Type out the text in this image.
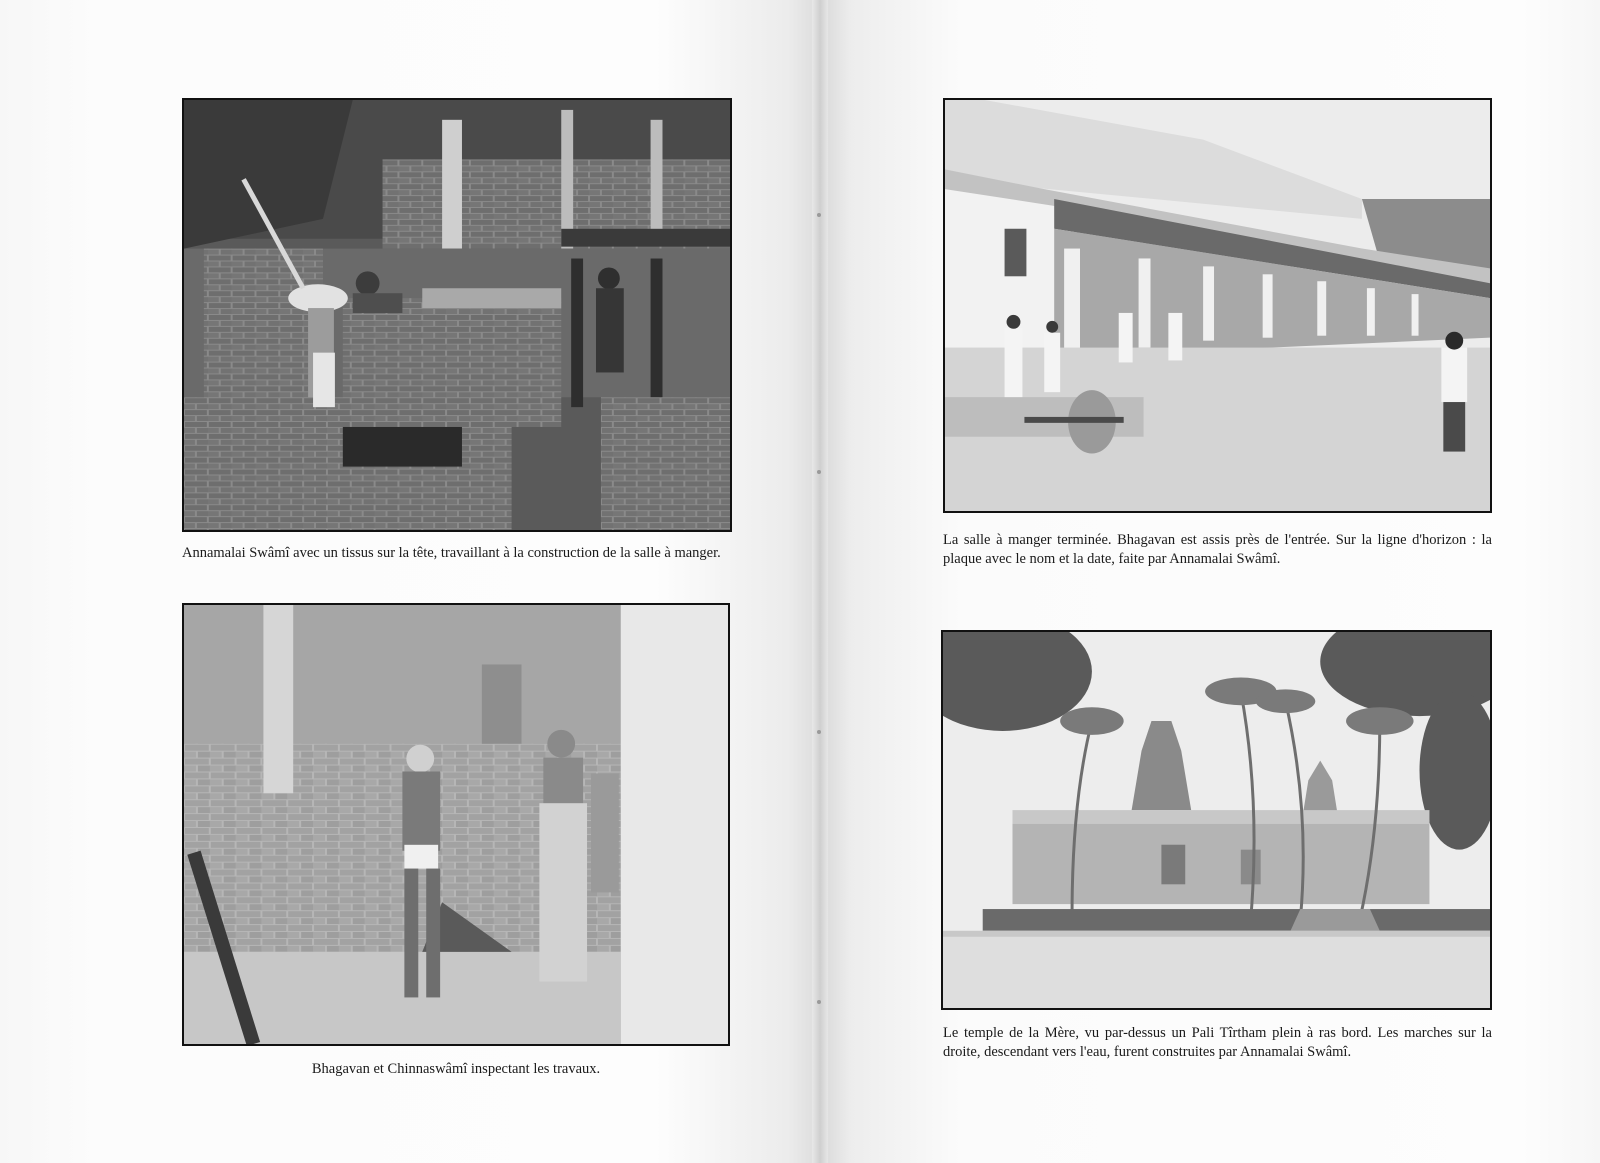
Annamalai Swâmî avec un tissus sur la tête, travaillant à la construction de la salle à manger.

Bhagavan et Chinnaswâmî inspectant les travaux.

La salle à manger terminée. Bhagavan est assis près de l'entrée. Sur la ligne d'horizon : la plaque avec le nom et la date, faite par Annamalai Swâmî.

Le temple de la Mère, vu par-dessus un Pali Tîrtham plein à ras bord. Les marches sur la droite, descendant vers l'eau, furent construites par Annamalai Swâmî.
